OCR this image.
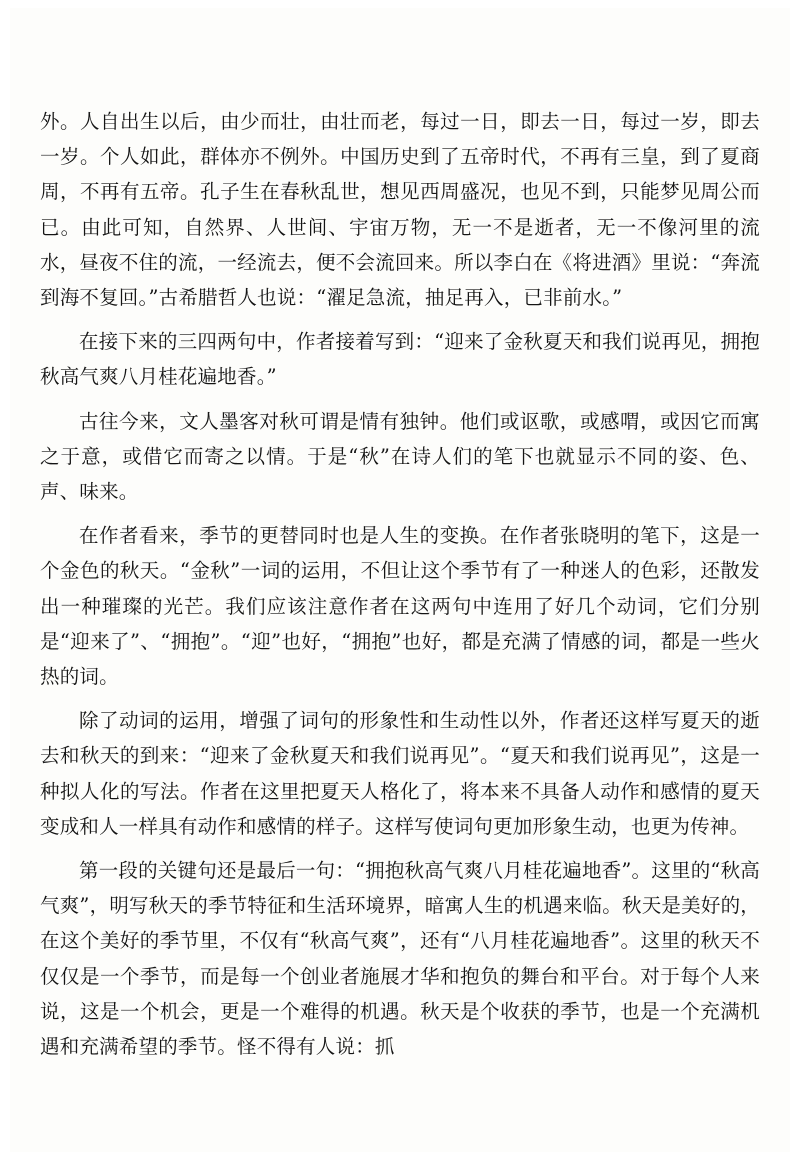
外。人自出生以后，由少而壮，由壮而老，每过一日，即去一日，每过一岁，即去一岁。个人如此，群体亦不例外。中国历史到了五帝时代，不再有三皇，到了夏商周，不再有五帝。孔子生在春秋乱世，想见西周盛况，也见不到，只能梦见周公而已。由此可知，自然界、人世间、宇宙万物，无一不是逝者，无一不像河里的流水，昼夜不住的流，一经流去，便不会流回来。所以李白在《将进酒》里说：“奔流到海不复回。”古希腊哲人也说：“濯足急流，抽足再入，已非前水。”

在接下来的三四两句中，作者接着写到：“迎来了金秋夏天和我们说再见，拥抱秋高气爽八月桂花遍地香。”

古往今来，文人墨客对秋可谓是情有独钟。他们或讴歌，或感喟，或因它而寓之于意，或借它而寄之以情。于是“秋”在诗人们的笔下也就显示不同的姿、色、声、味来。

在作者看来，季节的更替同时也是人生的变换。在作者张晓明的笔下，这是一个金色的秋天。“金秋”一词的运用，不但让这个季节有了一种迷人的色彩，还散发出一种璀璨的光芒。我们应该注意作者在这两句中连用了好几个动词，它们分别是“迎来了”、“拥抱”。“迎”也好，“拥抱”也好，都是充满了情感的词，都是一些火热的词。

除了动词的运用，增强了词句的形象性和生动性以外，作者还这样写夏天的逝去和秋天的到来：“迎来了金秋夏天和我们说再见”。“夏天和我们说再见”，这是一种拟人化的写法。作者在这里把夏天人格化了，将本来不具备人动作和感情的夏天变成和人一样具有动作和感情的样子。这样写使词句更加形象生动，也更为传神。

第一段的关键句还是最后一句：“拥抱秋高气爽八月桂花遍地香”。这里的“秋高气爽”，明写秋天的季节特征和生活环境界，暗寓人生的机遇来临。秋天是美好的，在这个美好的季节里，不仅有“秋高气爽”，还有“八月桂花遍地香”。这里的秋天不仅仅是一个季节，而是每一个创业者施展才华和抱负的舞台和平台。对于每个人来说，这是一个机会，更是一个难得的机遇。秋天是个收获的季节，也是一个充满机遇和充满希望的季节。怪不得有人说：抓
